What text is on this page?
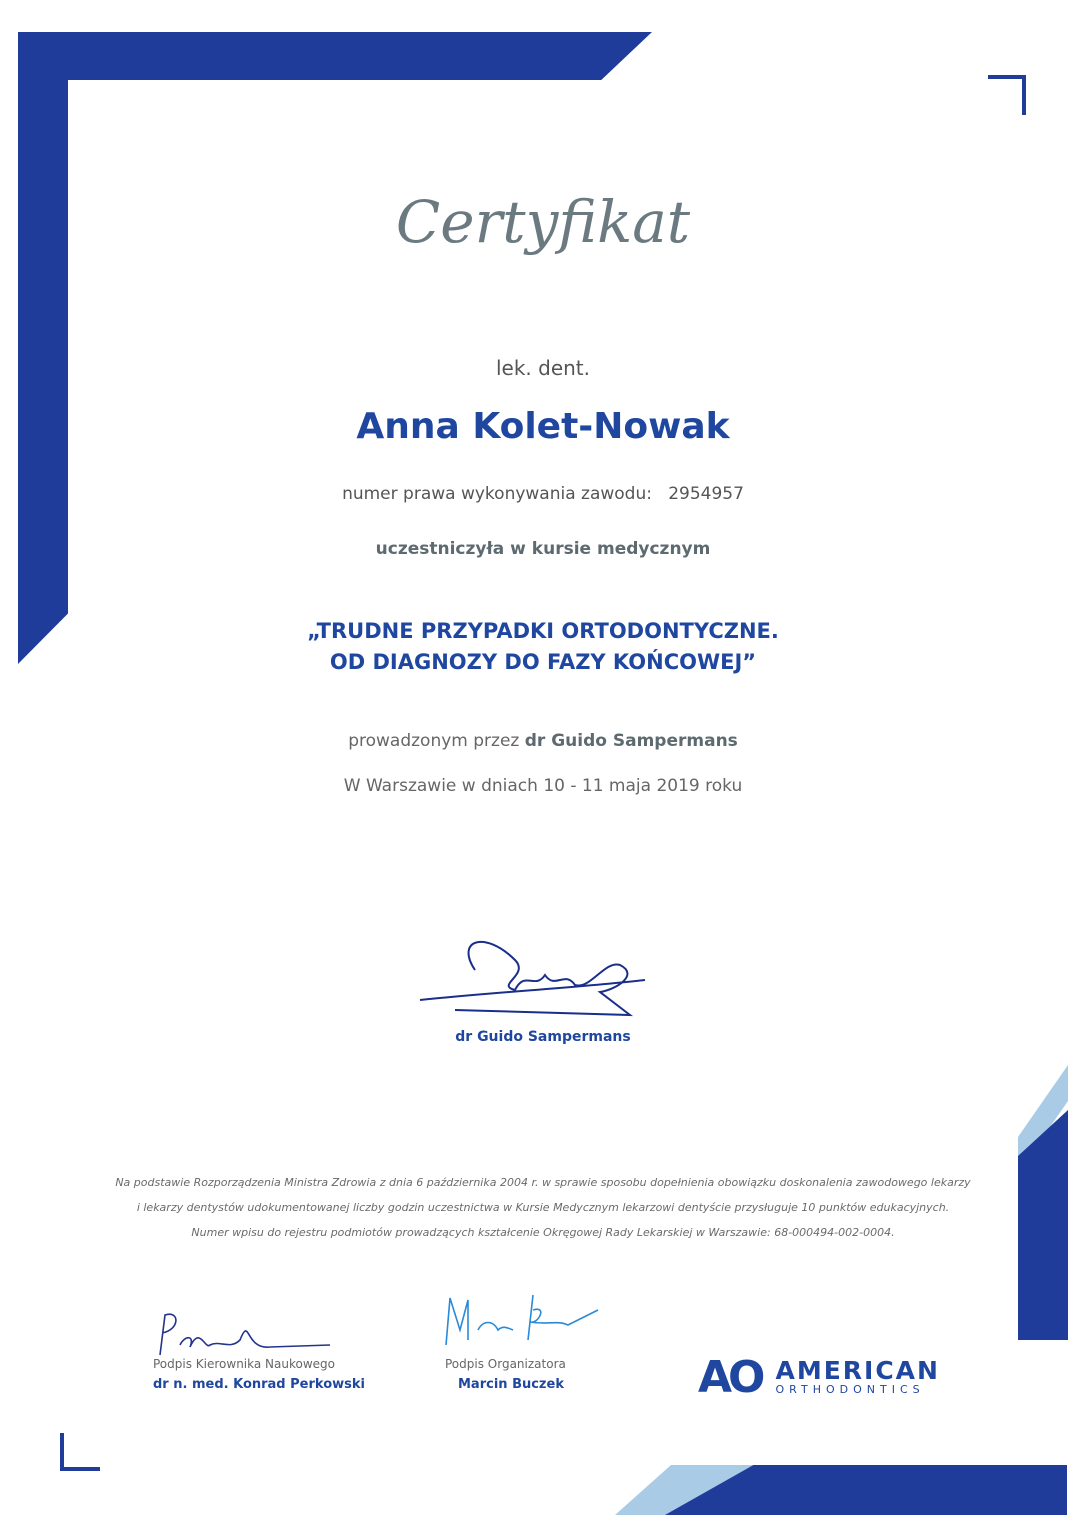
Certyfikat
lek. dent.
Anna Kolet-Nowak
numer prawa wykonywania zawodu: 2954957
uczestniczyła w kursie medycznym
„TRUDNE PRZYPADKI ORTODONTYCZNE.
OD DIAGNOZY DO FAZY KOŃCOWEJ”
prowadzonym przez dr Guido Sampermans
W Warszawie w dniach 10 - 11 maja 2019 roku
dr Guido Sampermans
Na podstawie Rozporządzenia Ministra Zdrowia z dnia 6 października 2004 r. w sprawie sposobu dopełnienia obowiązku doskonalenia zawodowego lekarzy
i lekarzy dentystów udokumentowanej liczby godzin uczestnictwa w Kursie Medycznym lekarzowi dentyście przysługuje 10 punktów edukacyjnych.
Numer wpisu do rejestru podmiotów prowadzących kształcenie Okręgowej Rady Lekarskiej w Warszawie: 68-000494-002-0004.
Podpis Kierownika Naukowego
dr n. med. Konrad Perkowski
Podpis Organizatora
Marcin Buczek	AO AMERICAN
ORTHODONTICS
